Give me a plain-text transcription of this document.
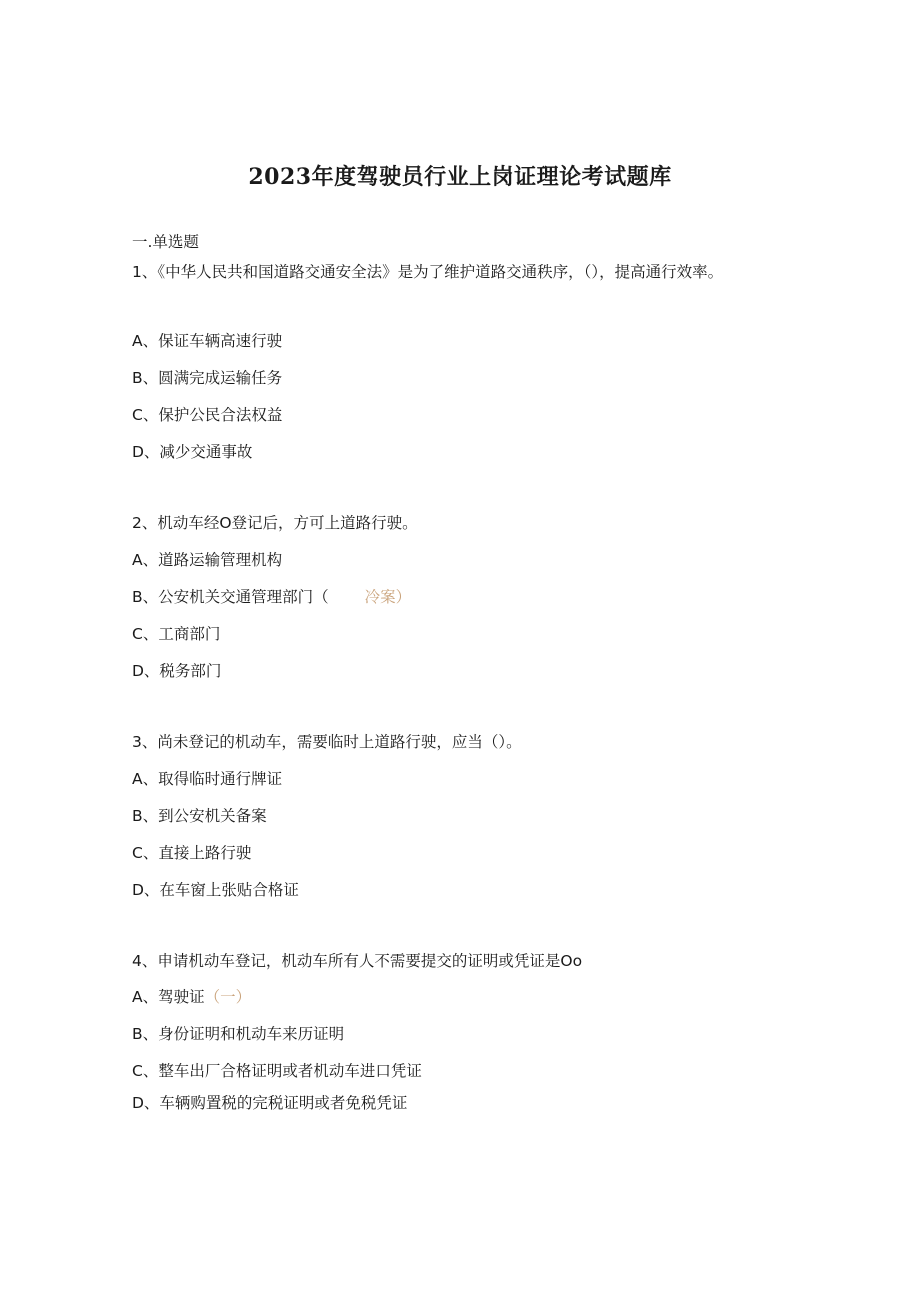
2023年度驾驶员行业上岗证理论考试题库
一.单选题
1、《中华人民共和国道路交通安全法》是为了维护道路交通秩序，（），提高通行效率。
A、保证车辆高速行驶
B、圆满完成运输任务
C、保护公民合法权益
D、减少交通事故
2、机动车经O登记后，方可上道路行驶。
A、道路运输管理机构
B、公安机关交通管理部门（ 冷案）
C、工商部门
D、税务部门
3、尚未登记的机动车，需要临时上道路行驶，应当（）。
A、取得临时通行牌证
B、到公安机关备案
C、直接上路行驶
D、在车窗上张贴合格证
4、申请机动车登记，机动车所有人不需要提交的证明或凭证是Oo
A、驾驶证（一）
B、身份证明和机动车来历证明
C、整车出厂合格证明或者机动车进口凭证
D、车辆购置税的完税证明或者免税凭证
